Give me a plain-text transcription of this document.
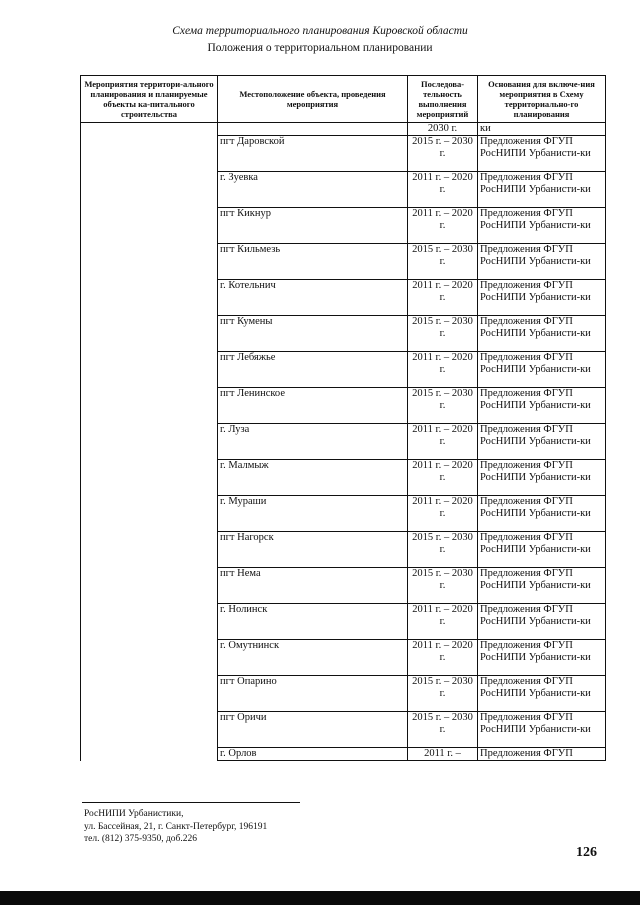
Схема территориального планирования Кировской области
Положения о территориальном планировании
Мероприятия территори-ального планирования и планируемые объекты ка-питального строительства	Местоположение объекта, проведения мероприятия	Последова-тельность выполнения мероприятий	Основания для включе-ния мероприятия в Схему территориально-го планирования
		2030 г.	ки
	пгт Даровской	2015 г. – 2030 г.	Предложения ФГУП РосНИПИ Урбанисти-ки
	г. Зуевка	2011 г. – 2020 г.	Предложения ФГУП РосНИПИ Урбанисти-ки
	пгт Кикнур	2011 г. – 2020 г.	Предложения ФГУП РосНИПИ Урбанисти-ки
	пгт Кильмезь	2015 г. – 2030 г.	Предложения ФГУП РосНИПИ Урбанисти-ки
	г. Котельнич	2011 г. – 2020 г.	Предложения ФГУП РосНИПИ Урбанисти-ки
	пгт Кумены	2015 г. – 2030 г.	Предложения ФГУП РосНИПИ Урбанисти-ки
	пгт Лебяжье	2011 г. – 2020 г.	Предложения ФГУП РосНИПИ Урбанисти-ки
	пгт Ленинское	2015 г. – 2030 г.	Предложения ФГУП РосНИПИ Урбанисти-ки
	г. Луза	2011 г. – 2020 г.	Предложения ФГУП РосНИПИ Урбанисти-ки
	г. Малмыж	2011 г. – 2020 г.	Предложения ФГУП РосНИПИ Урбанисти-ки
	г. Мураши	2011 г. – 2020 г.	Предложения ФГУП РосНИПИ Урбанисти-ки
	пгт Нагорск	2015 г. – 2030 г.	Предложения ФГУП РосНИПИ Урбанисти-ки
	пгт Нема	2015 г. – 2030 г.	Предложения ФГУП РосНИПИ Урбанисти-ки
	г. Нолинск	2011 г. – 2020 г.	Предложения ФГУП РосНИПИ Урбанисти-ки
	г. Омутнинск	2011 г. – 2020 г.	Предложения ФГУП РосНИПИ Урбанисти-ки
	пгт Опарино	2015 г. – 2030 г.	Предложения ФГУП РосНИПИ Урбанисти-ки
	пгт Оричи	2015 г. – 2030 г.	Предложения ФГУП РосНИПИ Урбанисти-ки
	г. Орлов	2011 г. –	Предложения ФГУП
РосНИПИ Урбанистики,
ул. Бассейная, 21, г. Санкт-Петербург, 196191
тел. (812) 375-9350, доб.226
126
